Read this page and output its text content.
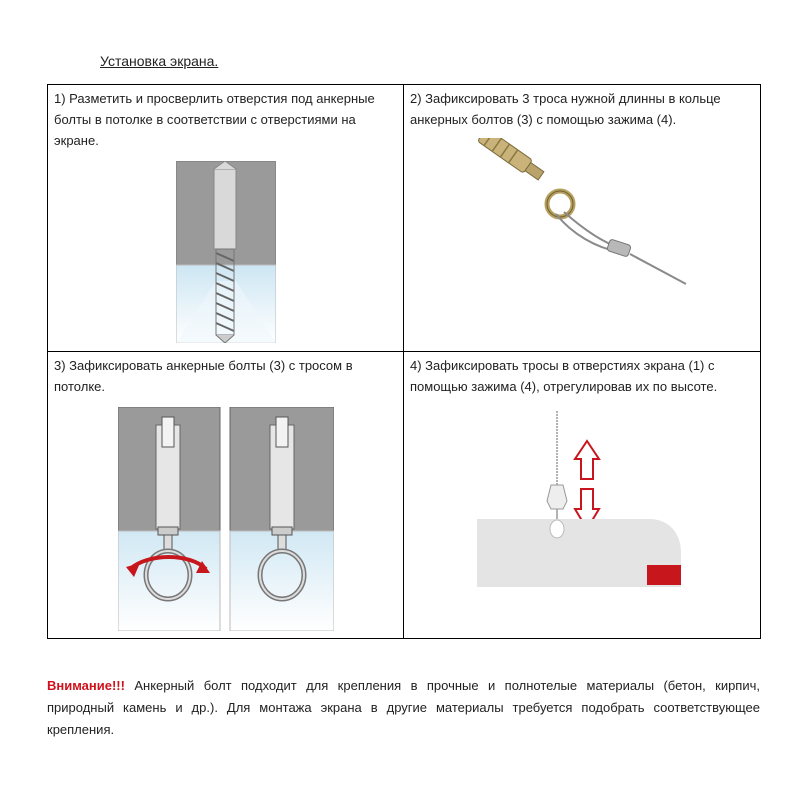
Установка экрана.

1) Разметить и просверлить отверстия под анкерные болты в потолке в соответствии с отверстиями на экране.	2) Зафиксировать 3 троса нужной длинны в кольце анкерных болтов (3) с помощью зажима (4).

3) Зафиксировать анкерные болты (3) с тросом в потолке.	4) Зафиксировать тросы в отверстиях экрана (1) с помощью зажима (4), отрегулировав их по высоте.

Внимание!!! Анкерный болт подходит для крепления в прочные и полнотелые материалы (бетон, кирпич, природный камень и др.). Для монтажа экрана в другие материалы требуется подобрать соответствующее крепления.
